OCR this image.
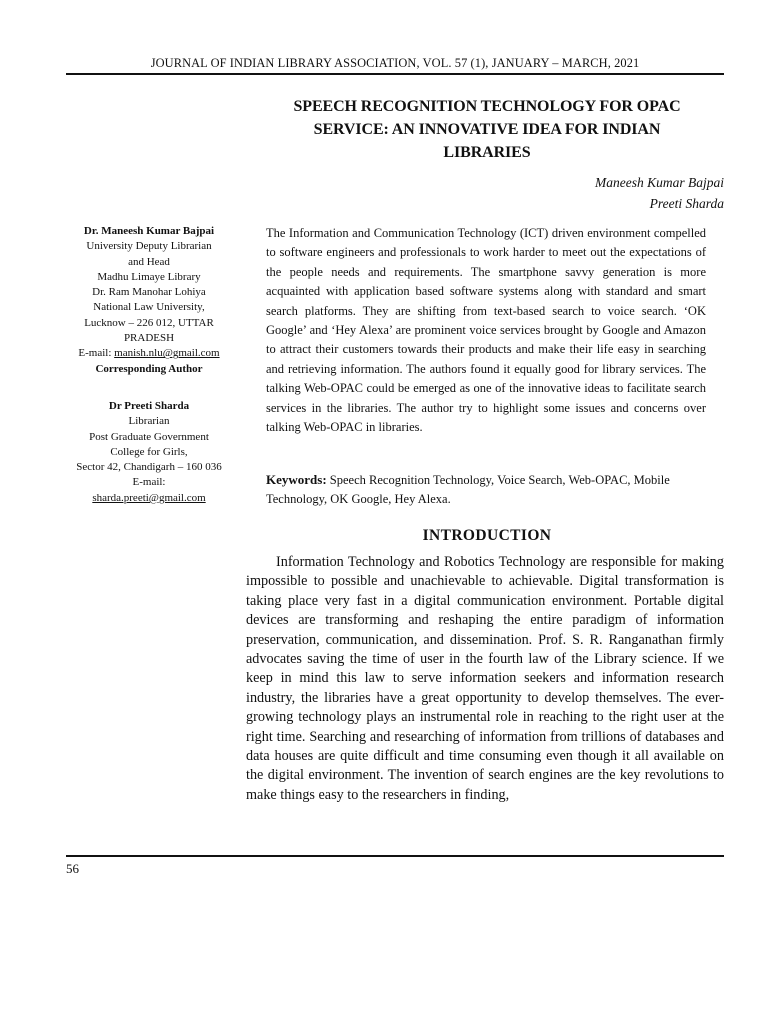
JOURNAL OF INDIAN LIBRARY ASSOCIATION, VOL. 57 (1), JANUARY – MARCH, 2021
SPEECH RECOGNITION TECHNOLOGY FOR OPAC
SERVICE: AN INNOVATIVE IDEA FOR INDIAN
LIBRARIES
Maneesh Kumar Bajpai
Preeti Sharda
Dr. Maneesh Kumar Bajpai
University Deputy Librarian
and Head
Madhu Limaye Library
Dr. Ram Manohar Lohiya
National Law University,
Lucknow – 226 012, UTTAR
PRADESH
E-mail: manish.nlu@gmail.com
Corresponding Author
Dr Preeti Sharda
Librarian
Post Graduate Government
College for Girls,
Sector 42, Chandigarh – 160 036
E-mail:
sharda.preeti@gmail.com
The Information and Communication Technology (ICT) driven environment compelled to software engineers and professionals to work harder to meet out the expectations of the people needs and requirements. The smartphone savvy generation is more acquainted with application based software systems along with standard and smart search platforms. They are shifting from text-based search to voice search. ‘OK Google’ and ‘Hey Alexa’ are prominent voice services brought by Google and Amazon to attract their customers towards their products and make their life easy in searching and retrieving information. The authors found it equally good for library services. The talking Web-OPAC could be emerged as one of the innovative ideas to facilitate search services in the libraries. The author try to highlight some issues and concerns over talking Web-OPAC in libraries.
Keywords: Speech Recognition Technology, Voice Search, Web-OPAC, Mobile Technology, OK Google, Hey Alexa.
INTRODUCTION
Information Technology and Robotics Technology are responsible for making impossible to possible and unachievable to achievable. Digital transformation is taking place very fast in a digital communication environment. Portable digital devices are transforming and reshaping the entire paradigm of information preservation, communication, and dissemination. Prof. S. R. Ranganathan firmly advocates saving the time of user in the fourth law of the Library science. If we keep in mind this law to serve information seekers and information research industry, the libraries have a great opportunity to develop themselves. The ever-growing technology plays an instrumental role in reaching to the right user at the right time. Searching and researching of information from trillions of databases and data houses are quite difficult and time consuming even though it all available on the digital environment. The invention of search engines are the key revolutions to make things easy to the researchers in finding,
56
